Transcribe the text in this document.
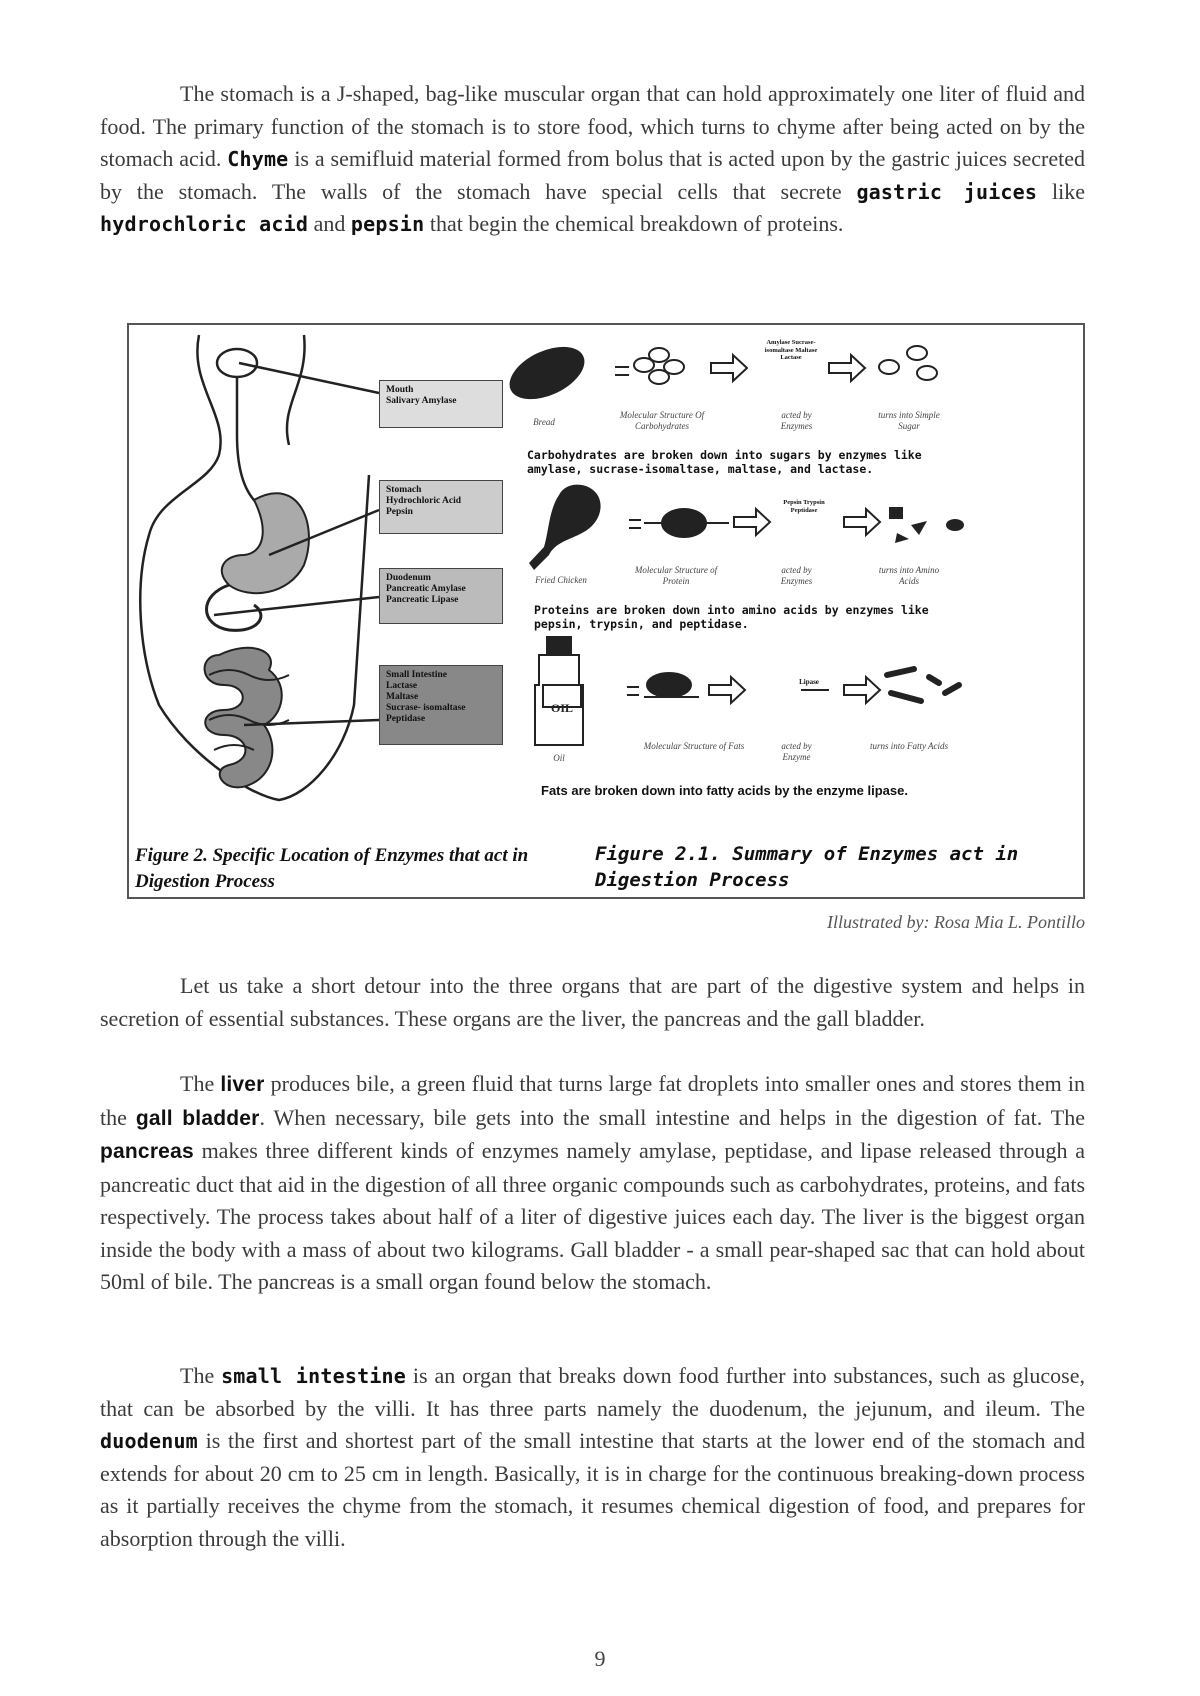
The stomach is a J-shaped, bag-like muscular organ that can hold approximately one liter of fluid and food. The primary function of the stomach is to store food, which turns to chyme after being acted on by the stomach acid. Chyme is a semifluid material formed from bolus that is acted upon by the gastric juices secreted by the stomach. The walls of the stomach have special cells that secrete gastric juices like hydrochloric acid and pepsin that begin the chemical breakdown of proteins.

Mouth
Salivary Amylase
Stomach
Hydrochloric Acid
Pepsin
Duodenum
Pancreatic Amylase
Pancreatic Lipase
Small Intestine
Lactase
Maltase
Sucrase- isomaltase
Peptidase
Bread
Molecular Structure Of Carbohydrates
acted by Enzymes
turns into Simple Sugar
Amylase Sucrase- isomaltase Maltase Lactase
Carbohydrates are broken down into sugars by enzymes like amylase, sucrase-isomaltase, maltase, and lactase.
Fried Chicken
Molecular Structure of Protein
acted by Enzymes
turns into Amino Acids
Pepsin Trypsin Peptidase
Proteins are broken down into amino acids by enzymes like pepsin, trypsin, and peptidase.
OIL
Oil
Molecular Structure of Fats	acted by Enzyme
turns into Fatty Acids
Lipase
Fats are broken down into fatty acids by the enzyme lipase.
Figure 2. Specific Location of Enzymes that act in Digestion Process
Figure 2.1. Summary of Enzymes act in Digestion Process
Illustrated by: Rosa Mia L. Pontillo

Let us take a short detour into the three organs that are part of the digestive system and helps in secretion of essential substances. These organs are the liver, the pancreas and the gall bladder.

The liver produces bile, a green fluid that turns large fat droplets into smaller ones and stores them in the gall bladder. When necessary, bile gets into the small intestine and helps in the digestion of fat. The pancreas makes three different kinds of enzymes namely amylase, peptidase, and lipase released through a pancreatic duct that aid in the digestion of all three organic compounds such as carbohydrates, proteins, and fats respectively. The process takes about half of a liter of digestive juices each day. The liver is the biggest organ inside the body with a mass of about two kilograms. Gall bladder - a small pear-shaped sac that can hold about 50ml of bile. The pancreas is a small organ found below the stomach.

The small intestine is an organ that breaks down food further into substances, such as glucose, that can be absorbed by the villi. It has three parts namely the duodenum, the jejunum, and ileum. The duodenum is the first and shortest part of the small intestine that starts at the lower end of the stomach and extends for about 20 cm to 25 cm in length. Basically, it is in charge for the continuous breaking-down process as it partially receives the chyme from the stomach, it resumes chemical digestion of food, and prepares for absorption through the villi.

9
